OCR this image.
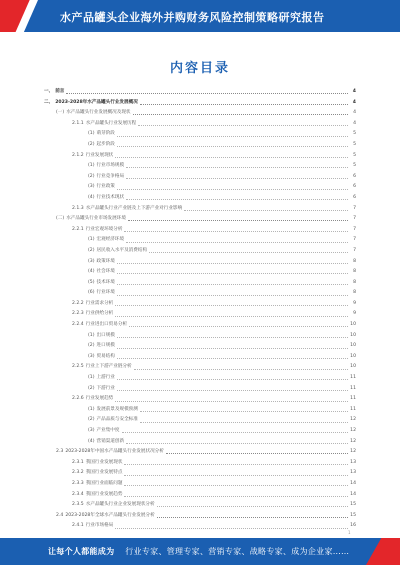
水产品罐头企业海外并购财务风险控制策略研究报告
内容目录
一、 前言	4
二、 2023-2028年水产品罐头行业发展概况	4
(一) 水产品罐头行业发展概况及现状	4
2.1.1 水产品罐头行业发展历程	4
(1) 萌芽阶段	5
(2) 起步阶段	5
2.1.2 行业发展现状	5
(1) 行业市场规模	5
(2) 行业竞争格局	6
(3) 行业政策	6
(4) 行业技术现状	6
2.1.3 水产品罐头行业产业链及上下游产业对行业影响	7
(二) 水产品罐头行业市场发展环境	7
2.2.1 行业宏观环境分析	7
(1) 宏观经济环境	7
(2) 居民收入水平及消费结构	7
(3) 政策环境	8
(4) 社会环境	8
(5) 技术环境	8
(6) 行业环境	8
2.2.2 行业需求分析	9
2.2.3 行业供给分析	9
2.2.4 行业进出口贸易分析	10
(1) 出口规模	10
(2) 进口规模	10
(3) 贸易结构	10
2.2.5 行业上下游产业链分析	10
(1) 上游行业	11
(2) 下游行业	11
2.2.6 行业发展趋势	11
(1) 发展前景及规模预测	11
(2) 产品品质与安全标准	12
(3) 产业集中度	12
(4) 营销渠道创新	12
2.3 2023-2028年中国水产品罐头行业发展状况分析	12
2.3.1 我国行业发展现状	13
2.3.2 我国行业发展特点	13
2.3.3 我国行业面临问题	14
2.3.4 我国行业发展趋势	14
2.3.5 水产品罐头行业企业发展现状分析	15
2.4 2023-2028年全球水产品罐头行业发展分析	15
2.4.1 行业市场格局	16
1
让每个人都能成为 行业专家、管理专家、营销专家、战略专家、成为企业家……
